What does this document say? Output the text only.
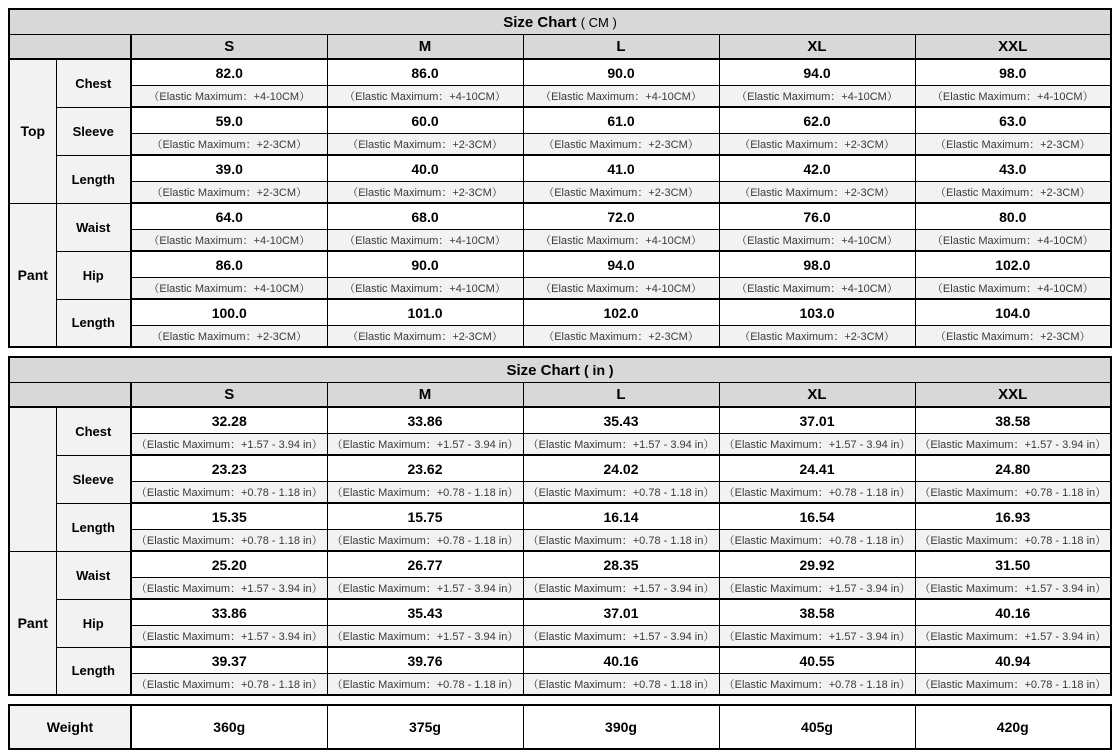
Size Chart ( CM )						
		S	M	L	XL	XXL
Top	Chest	82.0	86.0	90.0	94.0	98.0
		（Elastic Maximum：+4-10CM）	（Elastic Maximum：+4-10CM）	（Elastic Maximum：+4-10CM）	（Elastic Maximum：+4-10CM）	（Elastic Maximum：+4-10CM）
	Sleeve	59.0	60.0	61.0	62.0	63.0
		（Elastic Maximum：+2-3CM）	（Elastic Maximum：+2-3CM）	（Elastic Maximum：+2-3CM）	（Elastic Maximum：+2-3CM）	（Elastic Maximum：+2-3CM）
	Length	39.0	40.0	41.0	42.0	43.0
		（Elastic Maximum：+2-3CM）	（Elastic Maximum：+2-3CM）	（Elastic Maximum：+2-3CM）	（Elastic Maximum：+2-3CM）	（Elastic Maximum：+2-3CM）
Pant	Waist	64.0	68.0	72.0	76.0	80.0
		（Elastic Maximum：+4-10CM）	（Elastic Maximum：+4-10CM）	（Elastic Maximum：+4-10CM）	（Elastic Maximum：+4-10CM）	（Elastic Maximum：+4-10CM）
	Hip	86.0	90.0	94.0	98.0	102.0
		（Elastic Maximum：+4-10CM）	（Elastic Maximum：+4-10CM）	（Elastic Maximum：+4-10CM）	（Elastic Maximum：+4-10CM）	（Elastic Maximum：+4-10CM）
	Length	100.0	101.0	102.0	103.0	104.0
		（Elastic Maximum：+2-3CM）	（Elastic Maximum：+2-3CM）	（Elastic Maximum：+2-3CM）	（Elastic Maximum：+2-3CM）	（Elastic Maximum：+2-3CM）
Size Chart ( in )						
		S	M	L	XL	XXL
	Chest	32.28	33.86	35.43	37.01	38.58
		（Elastic Maximum：+1.57 - 3.94 in）	（Elastic Maximum：+1.57 - 3.94 in）	（Elastic Maximum：+1.57 - 3.94 in）	（Elastic Maximum：+1.57 - 3.94 in）	（Elastic Maximum：+1.57 - 3.94 in）
	Sleeve	23.23	23.62	24.02	24.41	24.80
		（Elastic Maximum：+0.78 - 1.18 in）	（Elastic Maximum：+0.78 - 1.18 in）	（Elastic Maximum：+0.78 - 1.18 in）	（Elastic Maximum：+0.78 - 1.18 in）	（Elastic Maximum：+0.78 - 1.18 in）
	Length	15.35	15.75	16.14	16.54	16.93
		（Elastic Maximum：+0.78 - 1.18 in）	（Elastic Maximum：+0.78 - 1.18 in）	（Elastic Maximum：+0.78 - 1.18 in）	（Elastic Maximum：+0.78 - 1.18 in）	（Elastic Maximum：+0.78 - 1.18 in）
Pant	Waist	25.20	26.77	28.35	29.92	31.50
		（Elastic Maximum：+1.57 - 3.94 in）	（Elastic Maximum：+1.57 - 3.94 in）	（Elastic Maximum：+1.57 - 3.94 in）	（Elastic Maximum：+1.57 - 3.94 in）	（Elastic Maximum：+1.57 - 3.94 in）
	Hip	33.86	35.43	37.01	38.58	40.16
		（Elastic Maximum：+1.57 - 3.94 in）	（Elastic Maximum：+1.57 - 3.94 in）	（Elastic Maximum：+1.57 - 3.94 in）	（Elastic Maximum：+1.57 - 3.94 in）	（Elastic Maximum：+1.57 - 3.94 in）
	Length	39.37	39.76	40.16	40.55	40.94
		（Elastic Maximum：+0.78 - 1.18 in）	（Elastic Maximum：+0.78 - 1.18 in）	（Elastic Maximum：+0.78 - 1.18 in）	（Elastic Maximum：+0.78 - 1.18 in）	（Elastic Maximum：+0.78 - 1.18 in）
Weight	360g	375g	390g	405g	420g
